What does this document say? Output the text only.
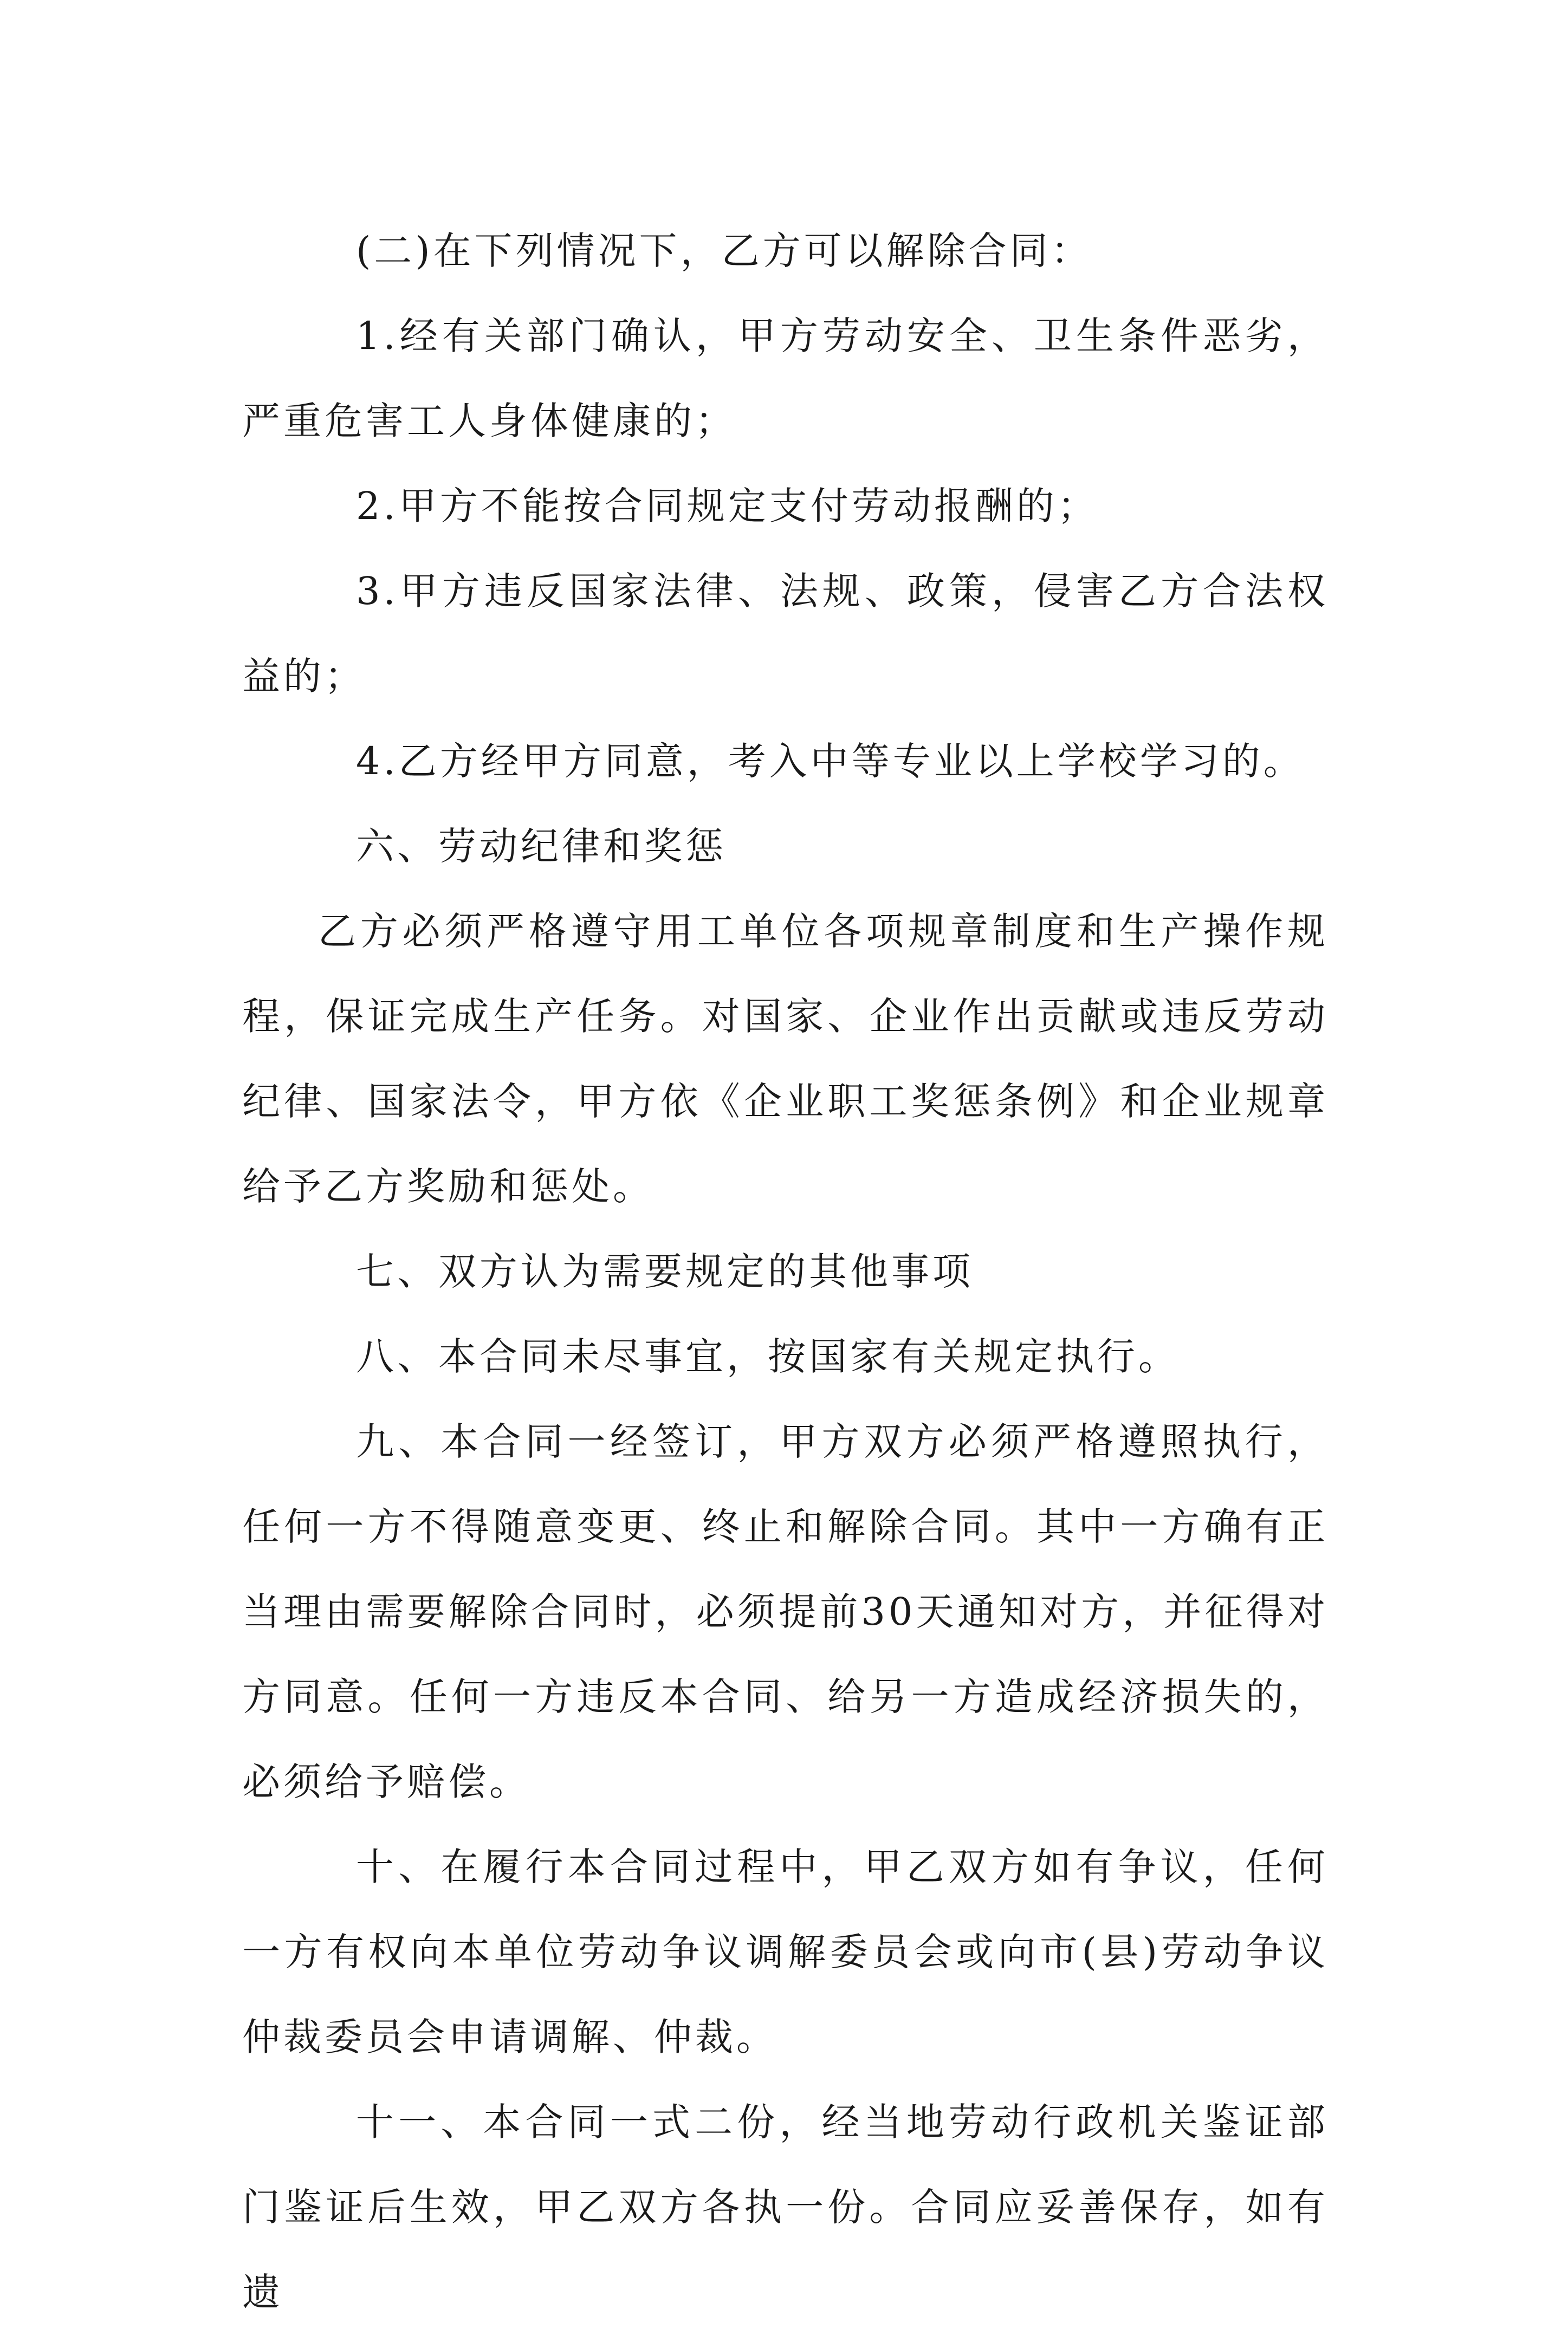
(二)在下列情况下，乙方可以解除合同：

1.经有关部门确认，甲方劳动安全、卫生条件恶劣，严重危害工人身体健康的；

2.甲方不能按合同规定支付劳动报酬的；

3.甲方违反国家法律、法规、政策，侵害乙方合法权益的；

4.乙方经甲方同意，考入中等专业以上学校学习的。

六、劳动纪律和奖惩

乙方必须严格遵守用工单位各项规章制度和生产操作规程，保证完成生产任务。对国家、企业作出贡献或违反劳动纪律、国家法令，甲方依《企业职工奖惩条例》和企业规章给予乙方奖励和惩处。

七、双方认为需要规定的其他事项

八、本合同未尽事宜，按国家有关规定执行。

九、本合同一经签订，甲方双方必须严格遵照执行，任何一方不得随意变更、终止和解除合同。其中一方确有正当理由需要解除合同时，必须提前30天通知对方，并征得对方同意。任何一方违反本合同、给另一方造成经济损失的，必须给予赔偿。

十、在履行本合同过程中，甲乙双方如有争议，任何一方有权向本单位劳动争议调解委员会或向市(县)劳动争议仲裁委员会申请调解、仲裁。

十一、本合同一式二份，经当地劳动行政机关鉴证部门鉴证后生效，甲乙双方各执一份。合同应妥善保存，如有遗
